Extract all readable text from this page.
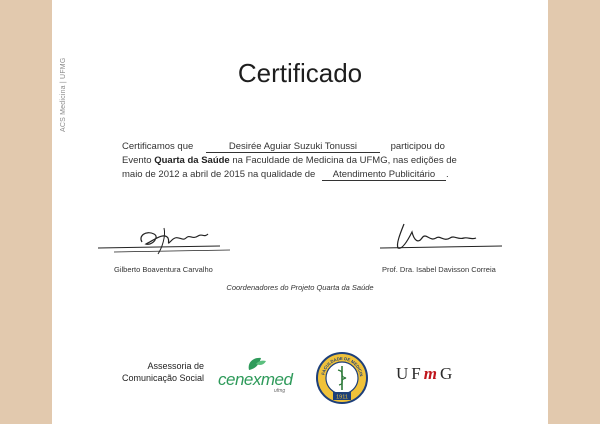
ACS Medicina | UFMG	Certificado
Certificamos que	Desirée Aguiar Suzuki Tonussi	participou do
Evento Quarta da Saúde na Faculdade de Medicina da UFMG, nas edições de
maio de 2012 a abril de 2015 na qualidade de Atendimento Publicitário .
Gilberto Boaventura Carvalho	Prof. Dra. Isabel Davisson Correia
Coordenadores do Projeto Quarta da Saúde
Assessoria de
Comunicação Social cenexmed
ufmg
FACULDADE DE MEDICIN
1911
UFmG
